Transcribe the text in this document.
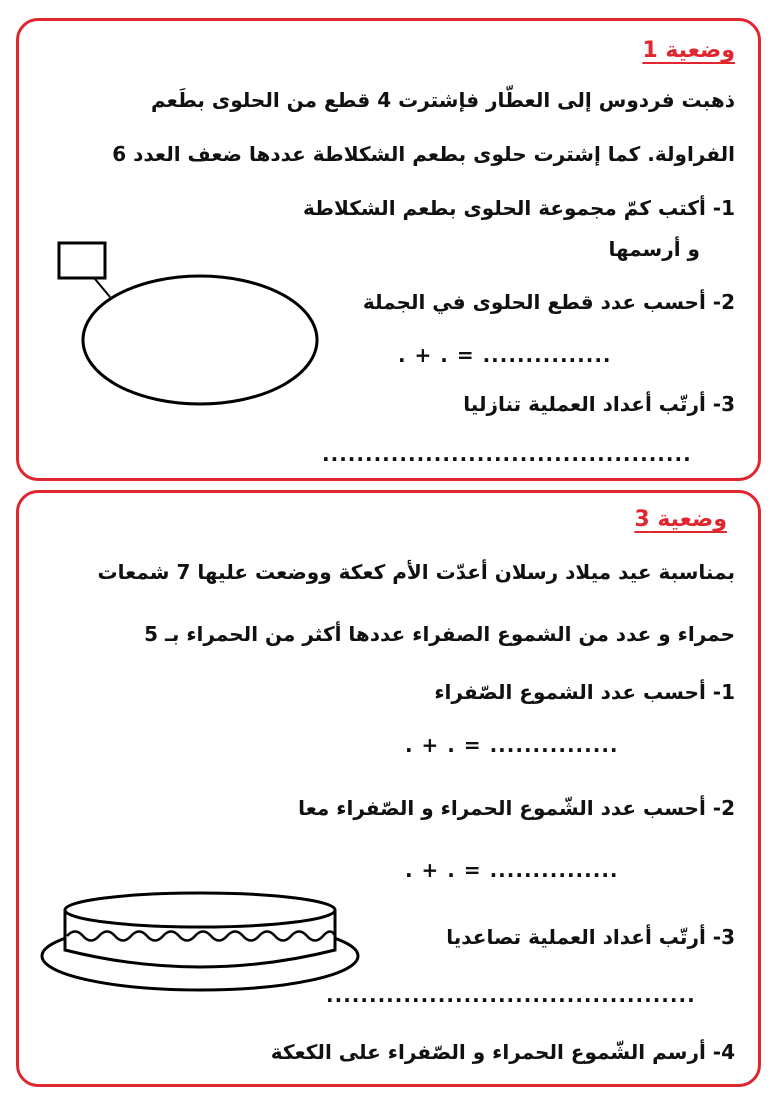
وضعية 1
ذهبت فردوس إلى العطّار فإشترت 4 قطع من الحلوى بطَعم
الفراولة. كما إشترت حلوى بطعم الشكلاطة عددها ضعف العدد 6
1- أكتب كمّ مجموعة الحلوى بطعم الشكلاطة
و أرسمها
2- أحسب عدد قطع الحلوى في الجملة
. + . = ...............
3- أرتّب أعداد العملية تنازليا
...........................................
وضعية 3
بمناسبة عيد ميلاد رسلان أعدّت الأم كعكة ووضعت عليها 7 شمعات
حمراء و عدد من الشموع الصفراء عددها أكثر من الحمراء بـ 5
1- أحسب عدد الشموع الصّفراء
. + . = ...............
2- أحسب عدد الشّموع الحمراء و الصّفراء معا
. + . = ...............
3- أرتّب أعداد العملية تصاعديا
...........................................
4- أرسم الشّموع الحمراء و الصّفراء على الكعكة
